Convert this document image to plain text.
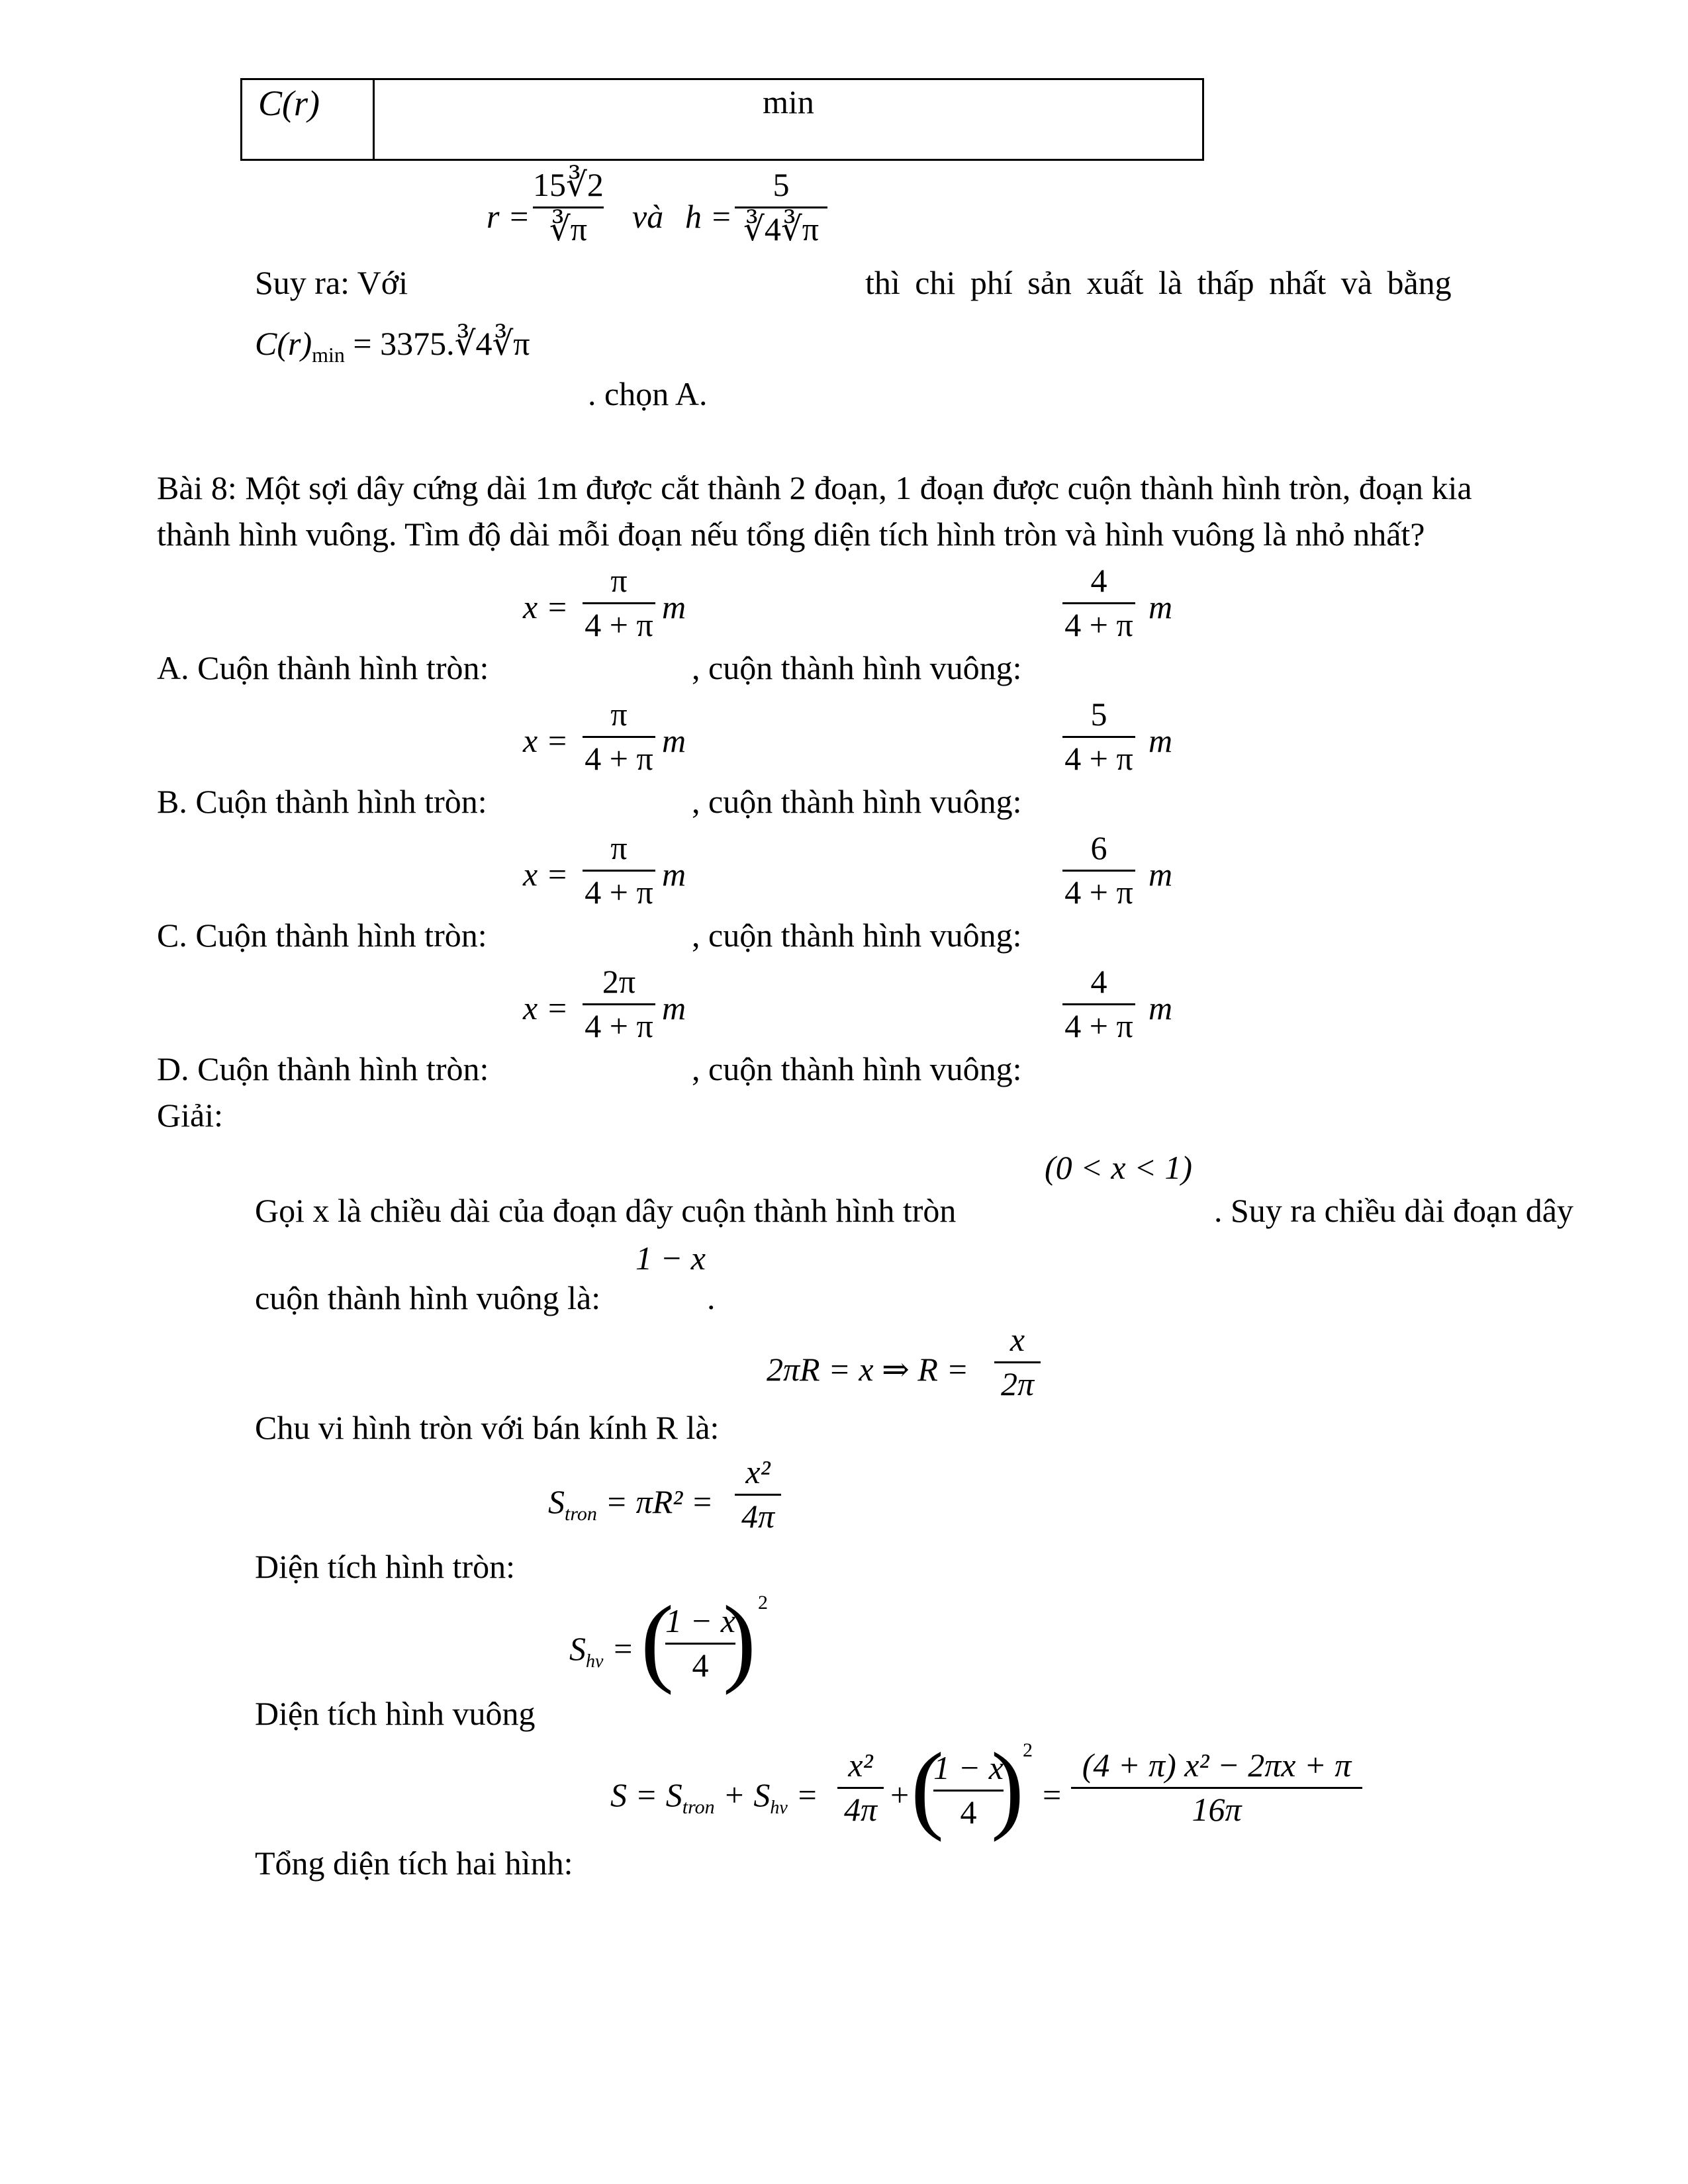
C(r)	min
r =
15∛2
∛π và h =
5
∛4∛π
Suy ra: Với	thì chi phí sản xuất là thấp nhất và bằng
$C(r)_{min}$ = 3375.∛4∛π
. chọn A.
Bài 8: Một sợi dây cứng dài 1m được cắt thành 2 đoạn, 1 đoạn được cuộn thành hình tròn, đoạn kia
thành hình vuông. Tìm độ dài mỗi đoạn nếu tổng diện tích hình tròn và hình vuông là nhỏ nhất?
x =
π
4 + π m
4
4 + π m
A. Cuộn thành hình tròn:	, cuộn thành hình vuông:
x =
π
4 + π m
5
4 + π m
B. Cuộn thành hình tròn:	, cuộn thành hình vuông:
x =
π
4 + π m
6
4 + π m
C. Cuộn thành hình tròn:	, cuộn thành hình vuông:
x =
2π
4 + π m
4
4 + π m
D. Cuộn thành hình tròn:	, cuộn thành hình vuông:
Giải:
(0 < x < 1)
Gọi x là chiều dài của đoạn dây cuộn thành hình tròn	. Suy ra chiều dài đoạn dây
1 − x
cuộn thành hình vuông là:	.
2πR = x ⇒ R =
x
2π
Chu vi hình tròn với bán kính R là:
$S_{tron} = \pi R^2$ =
x²
4π
Diện tích hình tròn:
$S_{hv}$ = (
1 − x
4 ) 2
Diện tích hình vuông
$S = S_{tron} + S_{hv}$ =
x²
4π + (
1 − x
4 )
2
=
(4 + π) x² − 2πx + π
16π
Tổng diện tích hai hình:
